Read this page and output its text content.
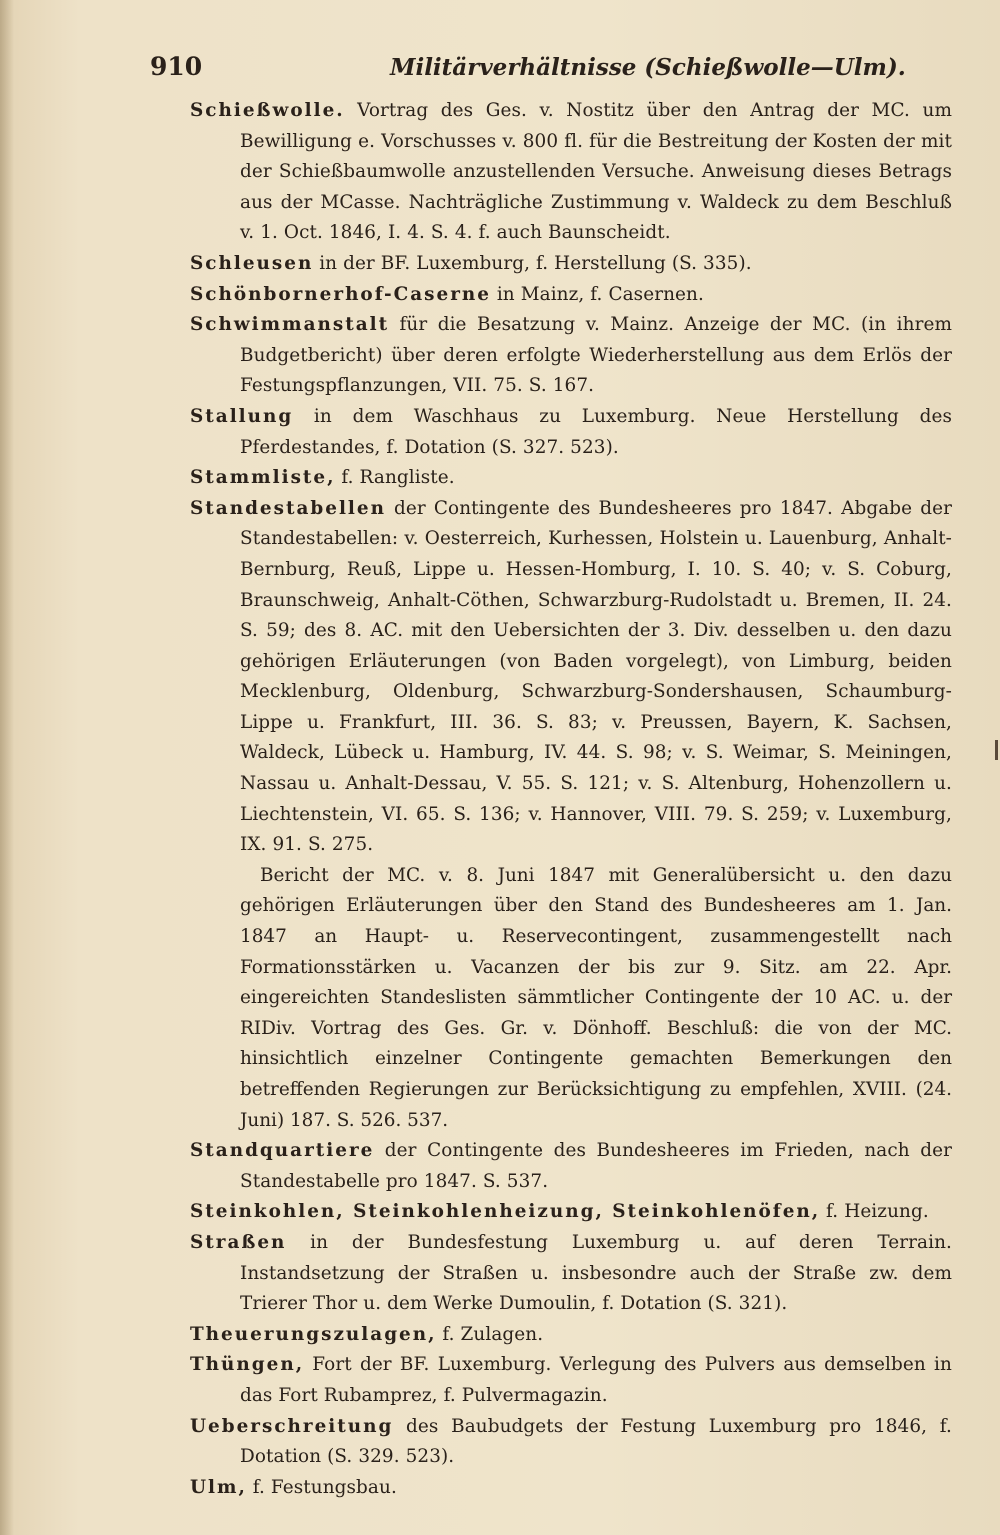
910	Militärverhältnisse (Schießwolle—Ulm).

Schießwolle. Vortrag des Ges. v. Nostitz über den Antrag der MC. um Bewilligung e. Vorschusses v. 800 fl. für die Bestreitung der Kosten der mit der Schießbaumwolle anzustellenden Versuche. Anweisung dieses Betrags aus der MCasse. Nachträgliche Zustimmung v. Waldeck zu dem Beschluß v. 1. Oct. 1846, I. 4. S. 4. f. auch Baunscheidt.

Schleusen in der BF. Luxemburg, f. Herstellung (S. 335).

Schönbornerhof-Caserne in Mainz, f. Casernen.

Schwimmanstalt für die Besatzung v. Mainz. Anzeige der MC. (in ihrem Budgetbericht) über deren erfolgte Wiederherstellung aus dem Erlös der Festungspflanzungen, VII. 75. S. 167.

Stallung in dem Waschhaus zu Luxemburg. Neue Herstellung des Pferdestandes, f. Dotation (S. 327. 523).

Stammliste, f. Rangliste.

Standestabellen der Contingente des Bundesheeres pro 1847. Abgabe der Standestabellen: v. Oesterreich, Kurhessen, Holstein u. Lauenburg, Anhalt-Bernburg, Reuß, Lippe u. Hessen-Homburg, I. 10. S. 40; v. S. Coburg, Braunschweig, Anhalt-Cöthen, Schwarzburg-Rudolstadt u. Bremen, II. 24. S. 59; des 8. AC. mit den Uebersichten der 3. Div. desselben u. den dazu gehörigen Erläuterungen (von Baden vorgelegt), von Limburg, beiden Mecklenburg, Oldenburg, Schwarzburg-Sondershausen, Schaumburg-Lippe u. Frankfurt, III. 36. S. 83; v. Preussen, Bayern, K. Sachsen, Waldeck, Lübeck u. Hamburg, IV. 44. S. 98; v. S. Weimar, S. Meiningen, Nassau u. Anhalt-Dessau, V. 55. S. 121; v. S. Altenburg, Hohenzollern u. Liechtenstein, VI. 65. S. 136; v. Hannover, VIII. 79. S. 259; v. Luxemburg, IX. 91. S. 275.

Bericht der MC. v. 8. Juni 1847 mit Generalübersicht u. den dazu gehörigen Erläuterungen über den Stand des Bundesheeres am 1. Jan. 1847 an Haupt- u. Reservecontingent, zusammengestellt nach Formationsstärken u. Vacanzen der bis zur 9. Sitz. am 22. Apr. eingereichten Standeslisten sämmtlicher Contingente der 10 AC. u. der RIDiv. Vortrag des Ges. Gr. v. Dönhoff. Beschluß: die von der MC. hinsichtlich einzelner Contingente gemachten Bemerkungen den betreffenden Regierungen zur Berücksichtigung zu empfehlen, XVIII. (24. Juni) 187. S. 526. 537.

Standquartiere der Contingente des Bundesheeres im Frieden, nach der Standestabelle pro 1847. S. 537.

Steinkohlen, Steinkohlenheizung, Steinkohlenöfen, f. Heizung.

Straßen in der Bundesfestung Luxemburg u. auf deren Terrain. Instandsetzung der Straßen u. insbesondre auch der Straße zw. dem Trierer Thor u. dem Werke Dumoulin, f. Dotation (S. 321).

Theuerungszulagen, f. Zulagen.

Thüngen, Fort der BF. Luxemburg. Verlegung des Pulvers aus demselben in das Fort Rubamprez, f. Pulvermagazin.

Ueberschreitung des Baubudgets der Festung Luxemburg pro 1846, f. Dotation (S. 329. 523).

Ulm, f. Festungsbau.
